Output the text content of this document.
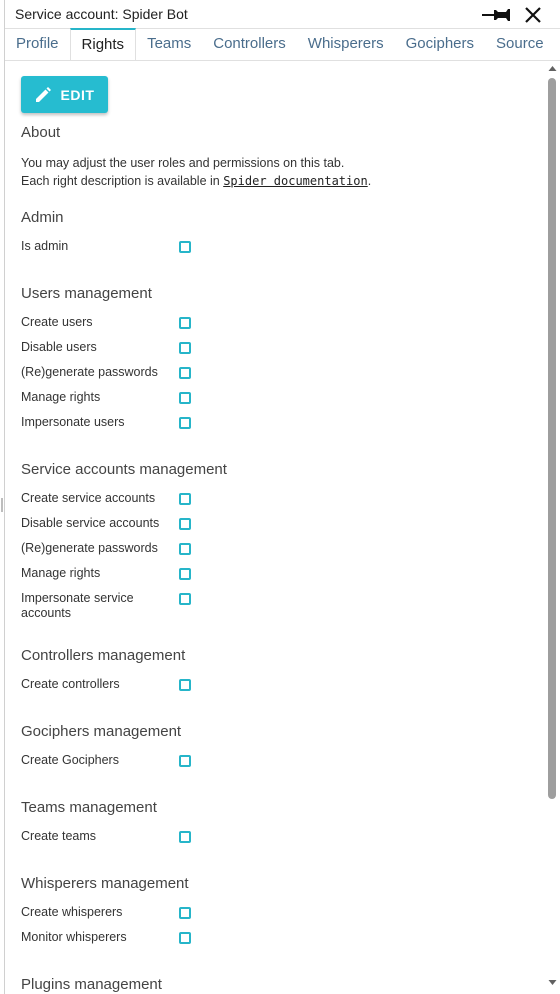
Service account: Spider Bot
Profile	Rights	Teams	Controllers	Whisperers	Gociphers	Source
EDIT
About
You may adjust the user roles and permissions on this tab.
Each right description is available in Spider documentation.
Admin
Is admin
Users management
Create users
Disable users
(Re)generate passwords
Manage rights
Impersonate users
Service accounts management
Create service accounts
Disable service accounts
(Re)generate passwords
Manage rights
Impersonate service accounts
Controllers management
Create controllers
Gociphers management
Create Gociphers
Teams management
Create teams
Whisperers management
Create whisperers
Monitor whisperers
Plugins management
